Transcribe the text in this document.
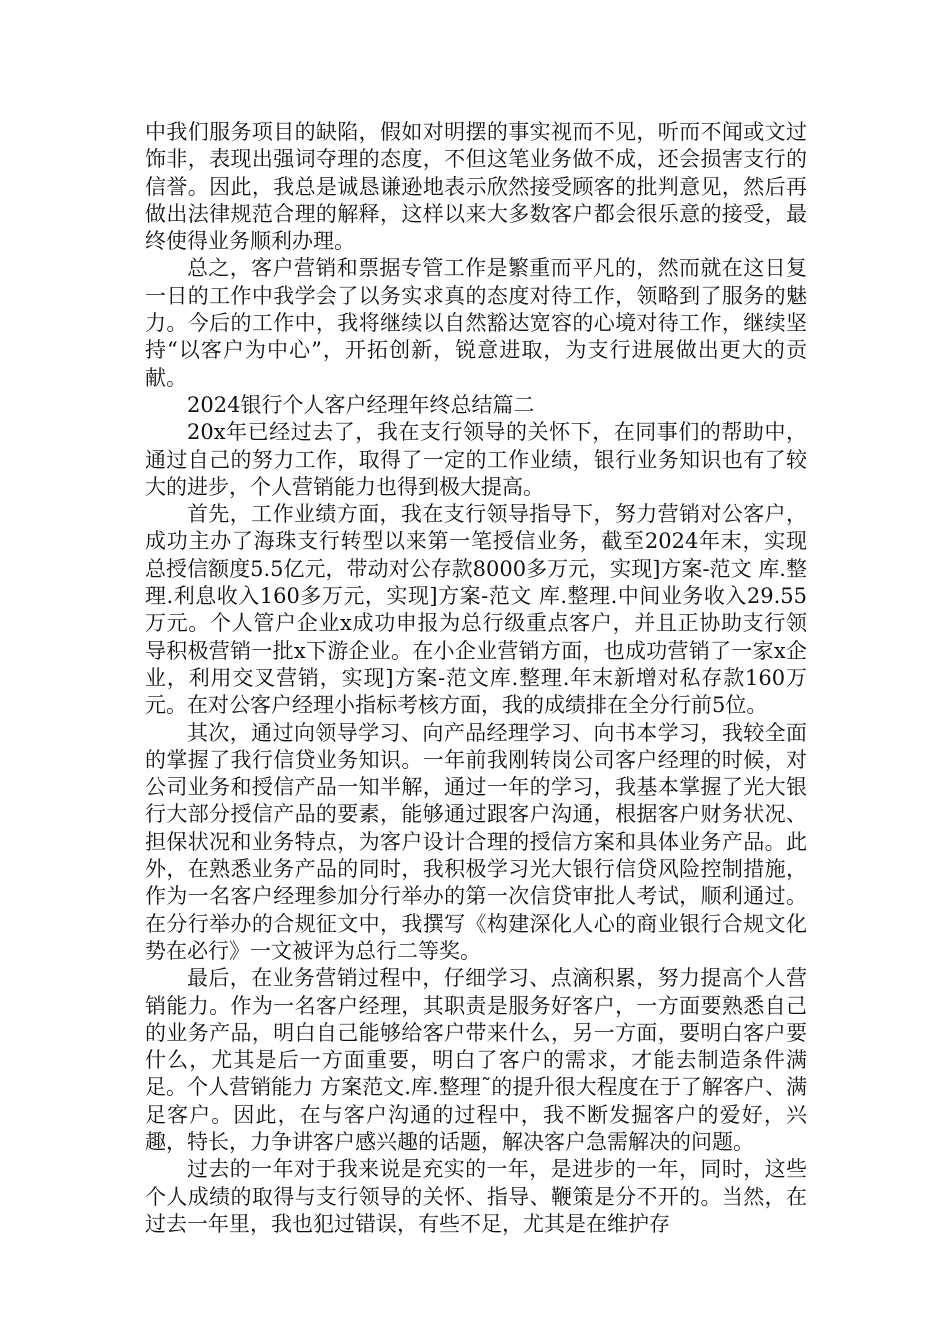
中我们服务项目的缺陷，假如对明摆的事实视而不见，听而不闻或文过饰非，表现出强词夺理的态度，不但这笔业务做不成，还会损害支行的信誉。因此，我总是诚恳谦逊地表示欣然接受顾客的批判意见，然后再做出法律规范合理的解释，这样以来大多数客户都会很乐意的接受，最终使得业务顺利办理。

总之，客户营销和票据专管工作是繁重而平凡的，然而就在这日复一日的工作中我学会了以务实求真的态度对待工作，领略到了服务的魅力。今后的工作中，我将继续以自然豁达宽容的心境对待工作，继续坚持“以客户为中心”，开拓创新，锐意进取，为支行进展做出更大的贡献。

2024银行个人客户经理年终总结篇二

20x年已经过去了，我在支行领导的关怀下，在同事们的帮助中，通过自己的努力工作，取得了一定的工作业绩，银行业务知识也有了较大的进步，个人营销能力也得到极大提高。

首先，工作业绩方面，我在支行领导指导下，努力营销对公客户，成功主办了海珠支行转型以来第一笔授信业务，截至2024年末，实现总授信额度5.5亿元，带动对公存款8000多万元，实现]方案-范文 库.整理.利息收入160多万元，实现]方案-范文 库.整理.中间业务收入29.55万元。个人管户企业x成功申报为总行级重点客户，并且正协助支行领导积极营销一批x下游企业。在小企业营销方面，也成功营销了一家x企业，利用交叉营销，实现]方案-范文库.整理.年末新增对私存款160万元。在对公客户经理小指标考核方面，我的成绩排在全分行前5位。

其次，通过向领导学习、向产品经理学习、向书本学习，我较全面的掌握了我行信贷业务知识。一年前我刚转岗公司客户经理的时候，对公司业务和授信产品一知半解，通过一年的学习，我基本掌握了光大银行大部分授信产品的要素，能够通过跟客户沟通，根据客户财务状况、担保状况和业务特点，为客户设计合理的授信方案和具体业务产品。此外，在熟悉业务产品的同时，我积极学习光大银行信贷风险控制措施，作为一名客户经理参加分行举办的第一次信贷审批人考试，顺利通过。在分行举办的合规征文中，我撰写《构建深化人心的商业银行合规文化势在必行》一文被评为总行二等奖。

最后，在业务营销过程中，仔细学习、点滴积累，努力提高个人营销能力。作为一名客户经理，其职责是服务好客户，一方面要熟悉自己的业务产品，明白自己能够给客户带来什么，另一方面，要明白客户要什么，尤其是后一方面重要，明白了客户的需求，才能去制造条件满足。个人营销能力 方案范文.库.整理˜的提升很大程度在于了解客户、满足客户。因此，在与客户沟通的过程中，我不断发掘客户的爱好，兴趣，特长，力争讲客户感兴趣的话题，解决客户急需解决的问题。

过去的一年对于我来说是充实的一年，是进步的一年，同时，这些个人成绩的取得与支行领导的关怀、指导、鞭策是分不开的。当然，在过去一年里，我也犯过错误，有些不足，尤其是在维护存
